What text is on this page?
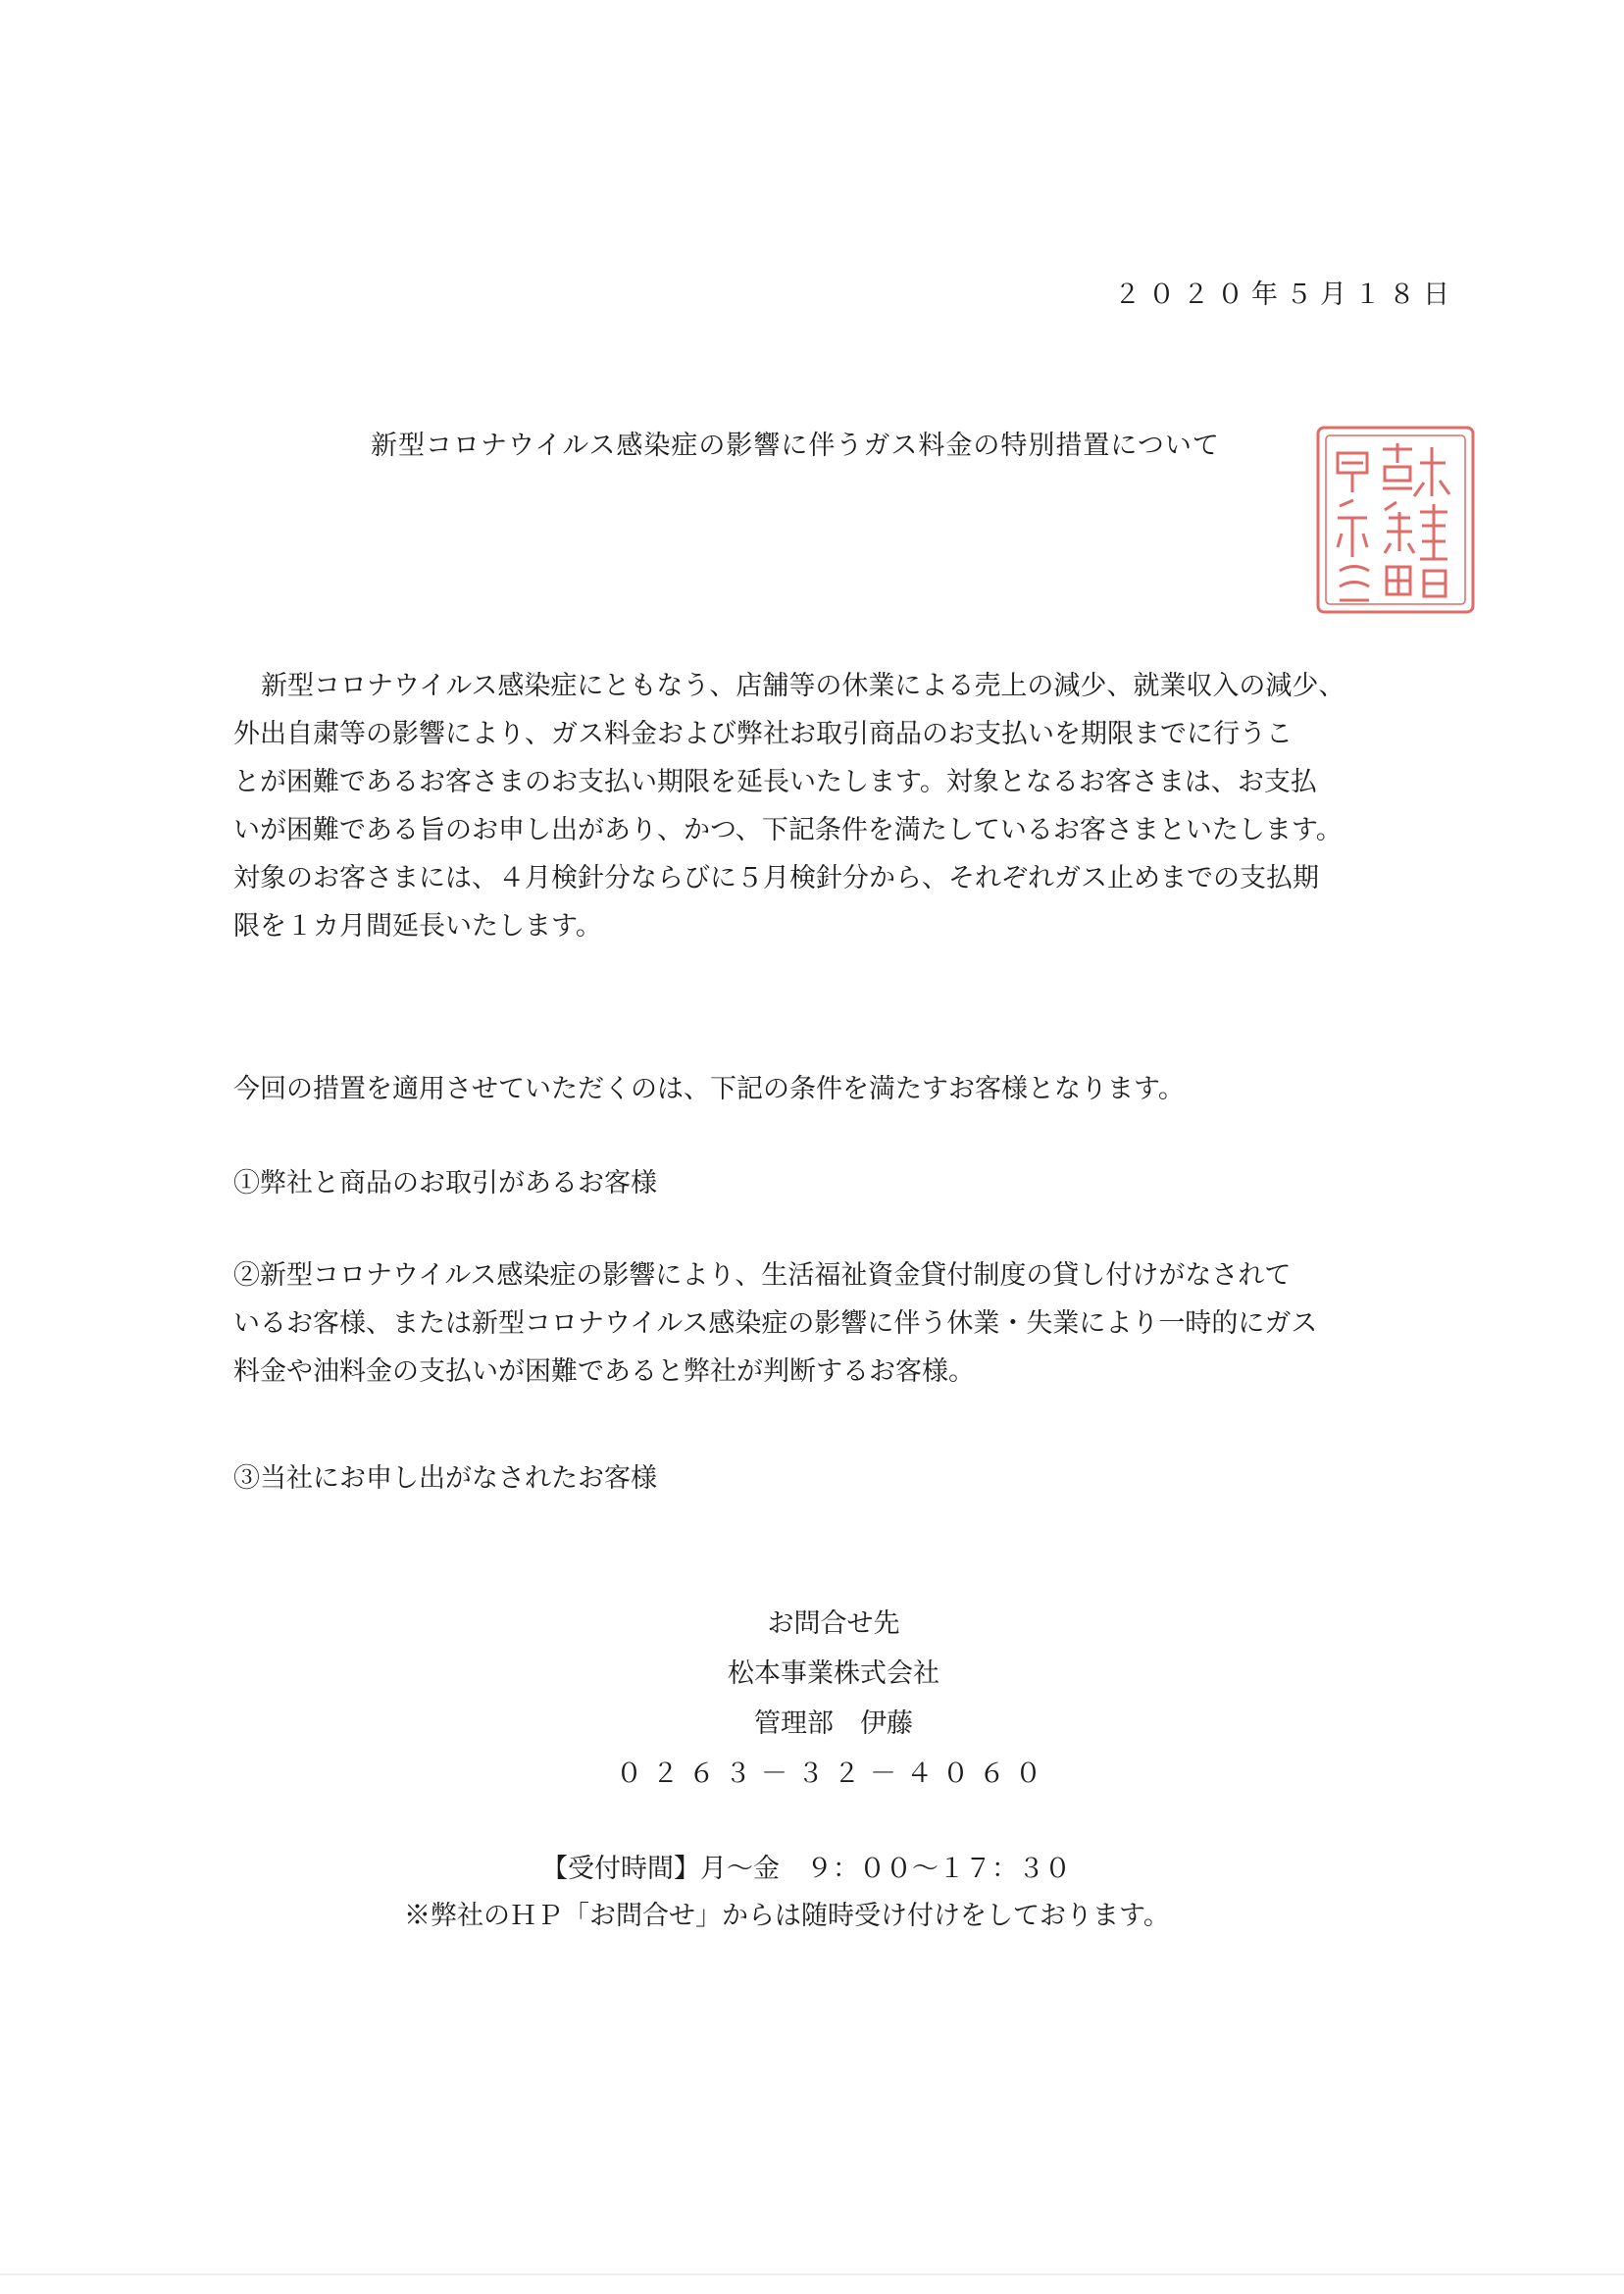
２０２０年５月１８日
新型コロナウイルス感染症の影響に伴うガス料金の特別措置について
新型コロナウイルス感染症にともなう、店舗等の休業による売上の減少、就業収入の減少、
外出自粛等の影響により、ガス料金および弊社お取引商品のお支払いを期限までに行うこ
とが困難であるお客さまのお支払い期限を延長いたします。対象となるお客さまは、お支払
いが困難である旨のお申し出があり、かつ、下記条件を満たしているお客さまといたします。
対象のお客さまには、４月検針分ならびに５月検針分から、それぞれガス止めまでの支払期
限を１カ月間延長いたします。
今回の措置を適用させていただくのは、下記の条件を満たすお客様となります。
①弊社と商品のお取引があるお客様
②新型コロナウイルス感染症の影響により、生活福祉資金貸付制度の貸し付けがなされて
いるお客様、または新型コロナウイルス感染症の影響に伴う休業・失業により一時的にガス
料金や油料金の支払いが困難であると弊社が判断するお客様。
③当社にお申し出がなされたお客様
お問合せ先
松本事業株式会社
管理部　伊藤
０２６３－３２－４０６０
【受付時間】月～金　９：００～１７：３０
※弊社のＨＰ「お問合せ」からは随時受け付けをしております。
